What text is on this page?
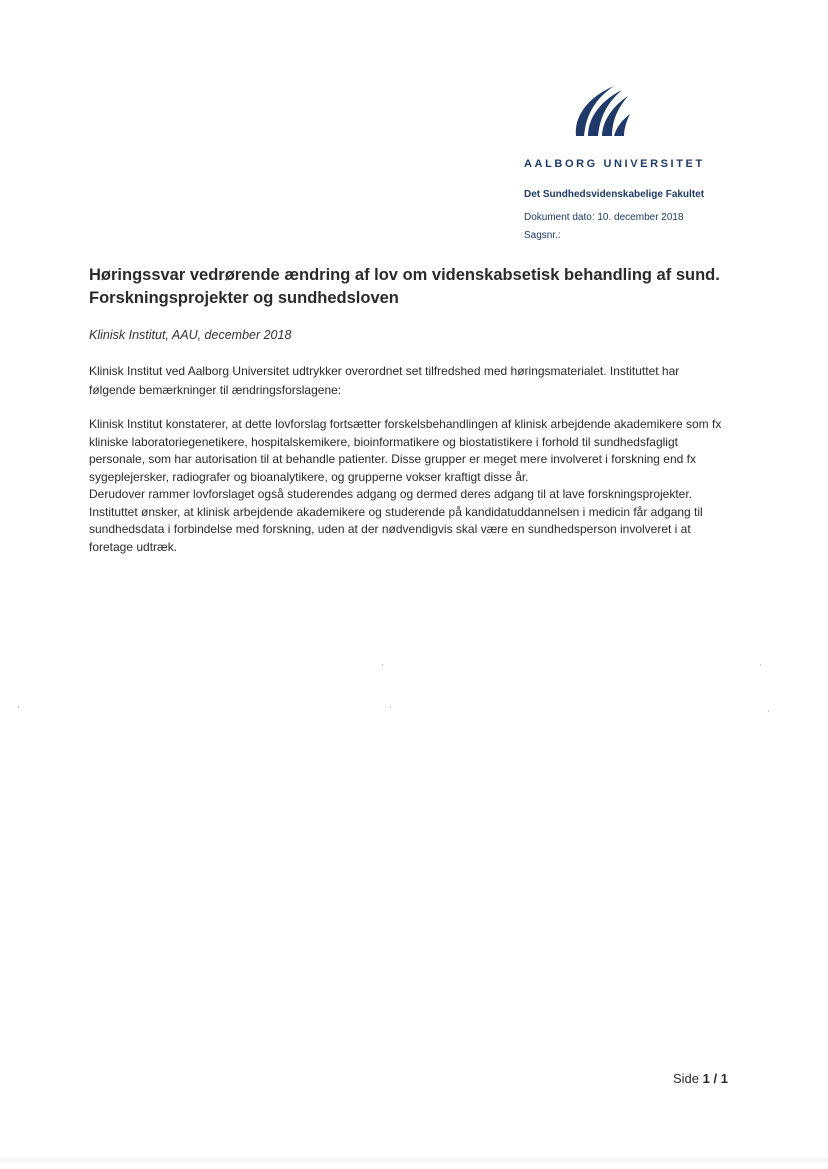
AALBORG UNIVERSITET
Det Sundhedsvidenskabelige Fakultet
Dokument dato: 10. december 2018
Sagsnr.:
Høringssvar vedrørende ændring af lov om videnskabsetisk behandling af sund. Forskningsprojekter og sundhedsloven
Klinisk Institut, AAU, december 2018
Klinisk Institut ved Aalborg Universitet udtrykker overordnet set tilfredshed med høringsmaterialet. Instituttet har følgende bemærkninger til ændringsforslagene:

Klinisk Institut konstaterer, at dette lovforslag fortsætter forskelsbehandlingen af klinisk arbejdende akademikere som fx kliniske laboratoriegenetikere, hospitalskemikere, bioinformatikere og biostatistikere i forhold til sundhedsfagligt personale, som har autorisation til at behandle patienter. Disse grupper er meget mere involveret i forskning end fx sygeplejersker, radiografer og bioanalytikere, og grupperne vokser kraftigt disse år.

Derudover rammer lovforslaget også studerendes adgang og dermed deres adgang til at lave forskningsprojekter.

Instituttet ønsker, at klinisk arbejdende akademikere og studerende på kandidatuddannelsen i medicin får adgang til sundhedsdata i forbindelse med forskning, uden at der nødvendigvis skal være en sundhedsperson involveret i at foretage udtræk.

Side 1 / 1
